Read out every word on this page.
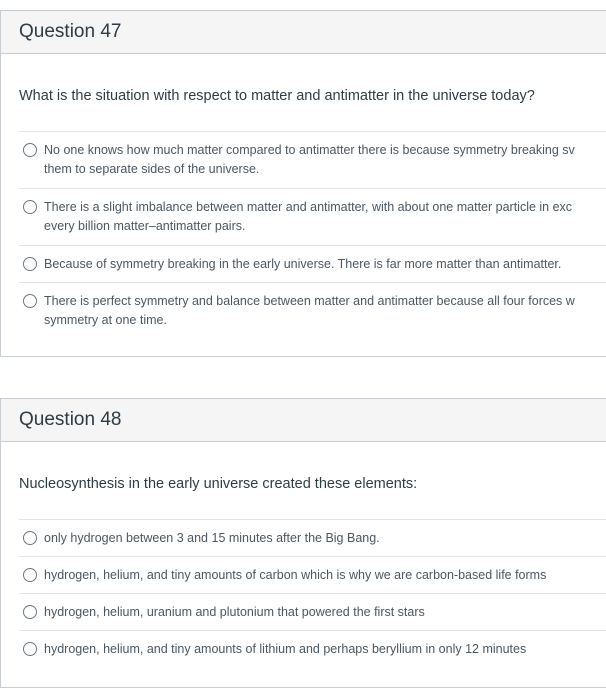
Question 47
What is the situation with respect to matter and antimatter in the universe today?
No one knows how much matter compared to antimatter there is because symmetry breaking sv
them to separate sides of the universe.
There is a slight imbalance between matter and antimatter, with about one matter particle in exc
every billion matter–antimatter pairs.
Because of symmetry breaking in the early universe. There is far more matter than antimatter.
There is perfect symmetry and balance between matter and antimatter because all four forces w
symmetry at one time.
Question 48
Nucleosynthesis in the early universe created these elements:
only hydrogen between 3 and 15 minutes after the Big Bang.
hydrogen, helium, and tiny amounts of carbon which is why we are carbon-based life forms
hydrogen, helium, uranium and plutonium that powered the first stars
hydrogen, helium, and tiny amounts of lithium and perhaps beryllium in only 12 minutes
